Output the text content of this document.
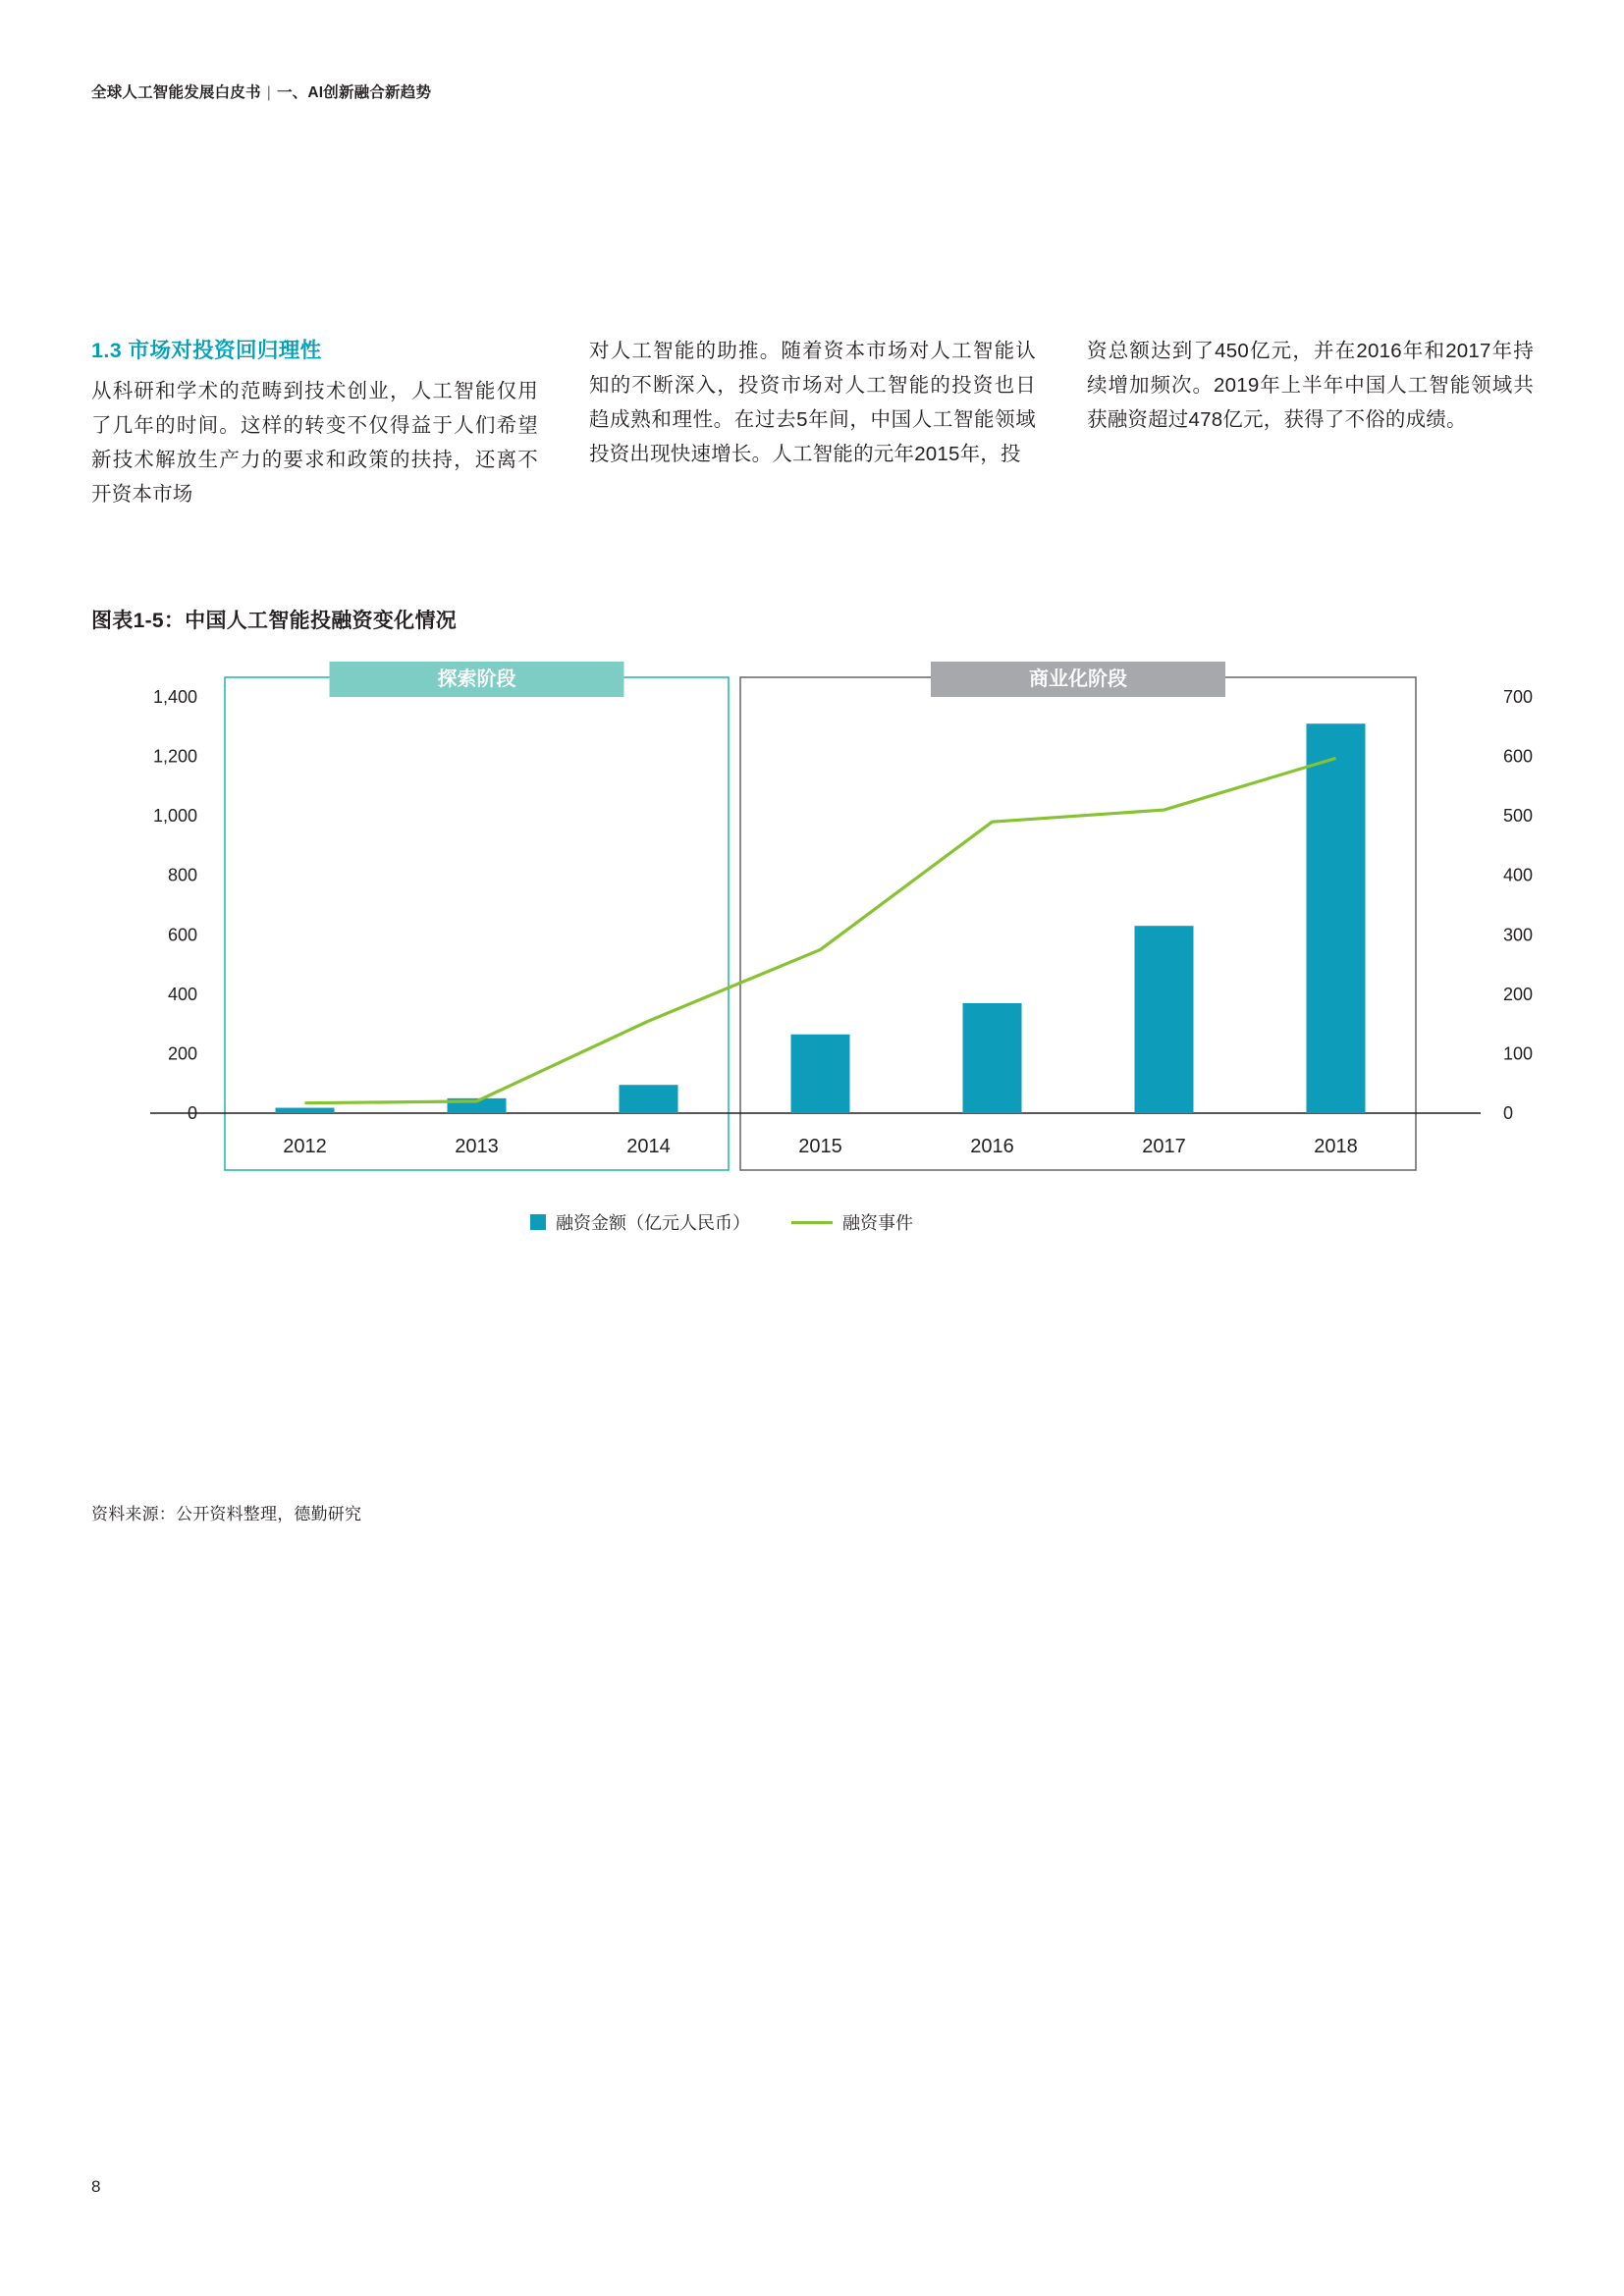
全球人工智能发展白皮书 | 一、AI创新融合新趋势
1.3 市场对投资回归理性

从科研和学术的范畴到技术创业，人工智能仅用了几年的时间。这样的转变不仅得益于人们希望新技术解放生产力的要求和政策的扶持，还离不开资本市场

对人工智能的助推。随着资本市场对人工智能认知的不断深入，投资市场对人工智能的投资也日趋成熟和理性。在过去5年间，中国人工智能领域投资出现快速增长。人工智能的元年2015年，投

资总额达到了450亿元，并在2016年和2017年持续增加频次。2019年上半年中国人工智能领域共获融资超过478亿元，获得了不俗的成绩。

图表1-5：中国人工智能投融资变化情况
探索阶段	商业化阶段
0
200
400
600
800
1,000
1,200
1,400
0
100
200
300
400
500
600
700
2012	2013	2014	2015	2016	2017	2018
融资金额（亿元人民币）	融资事件
资料来源：公开资料整理，德勤研究
8
